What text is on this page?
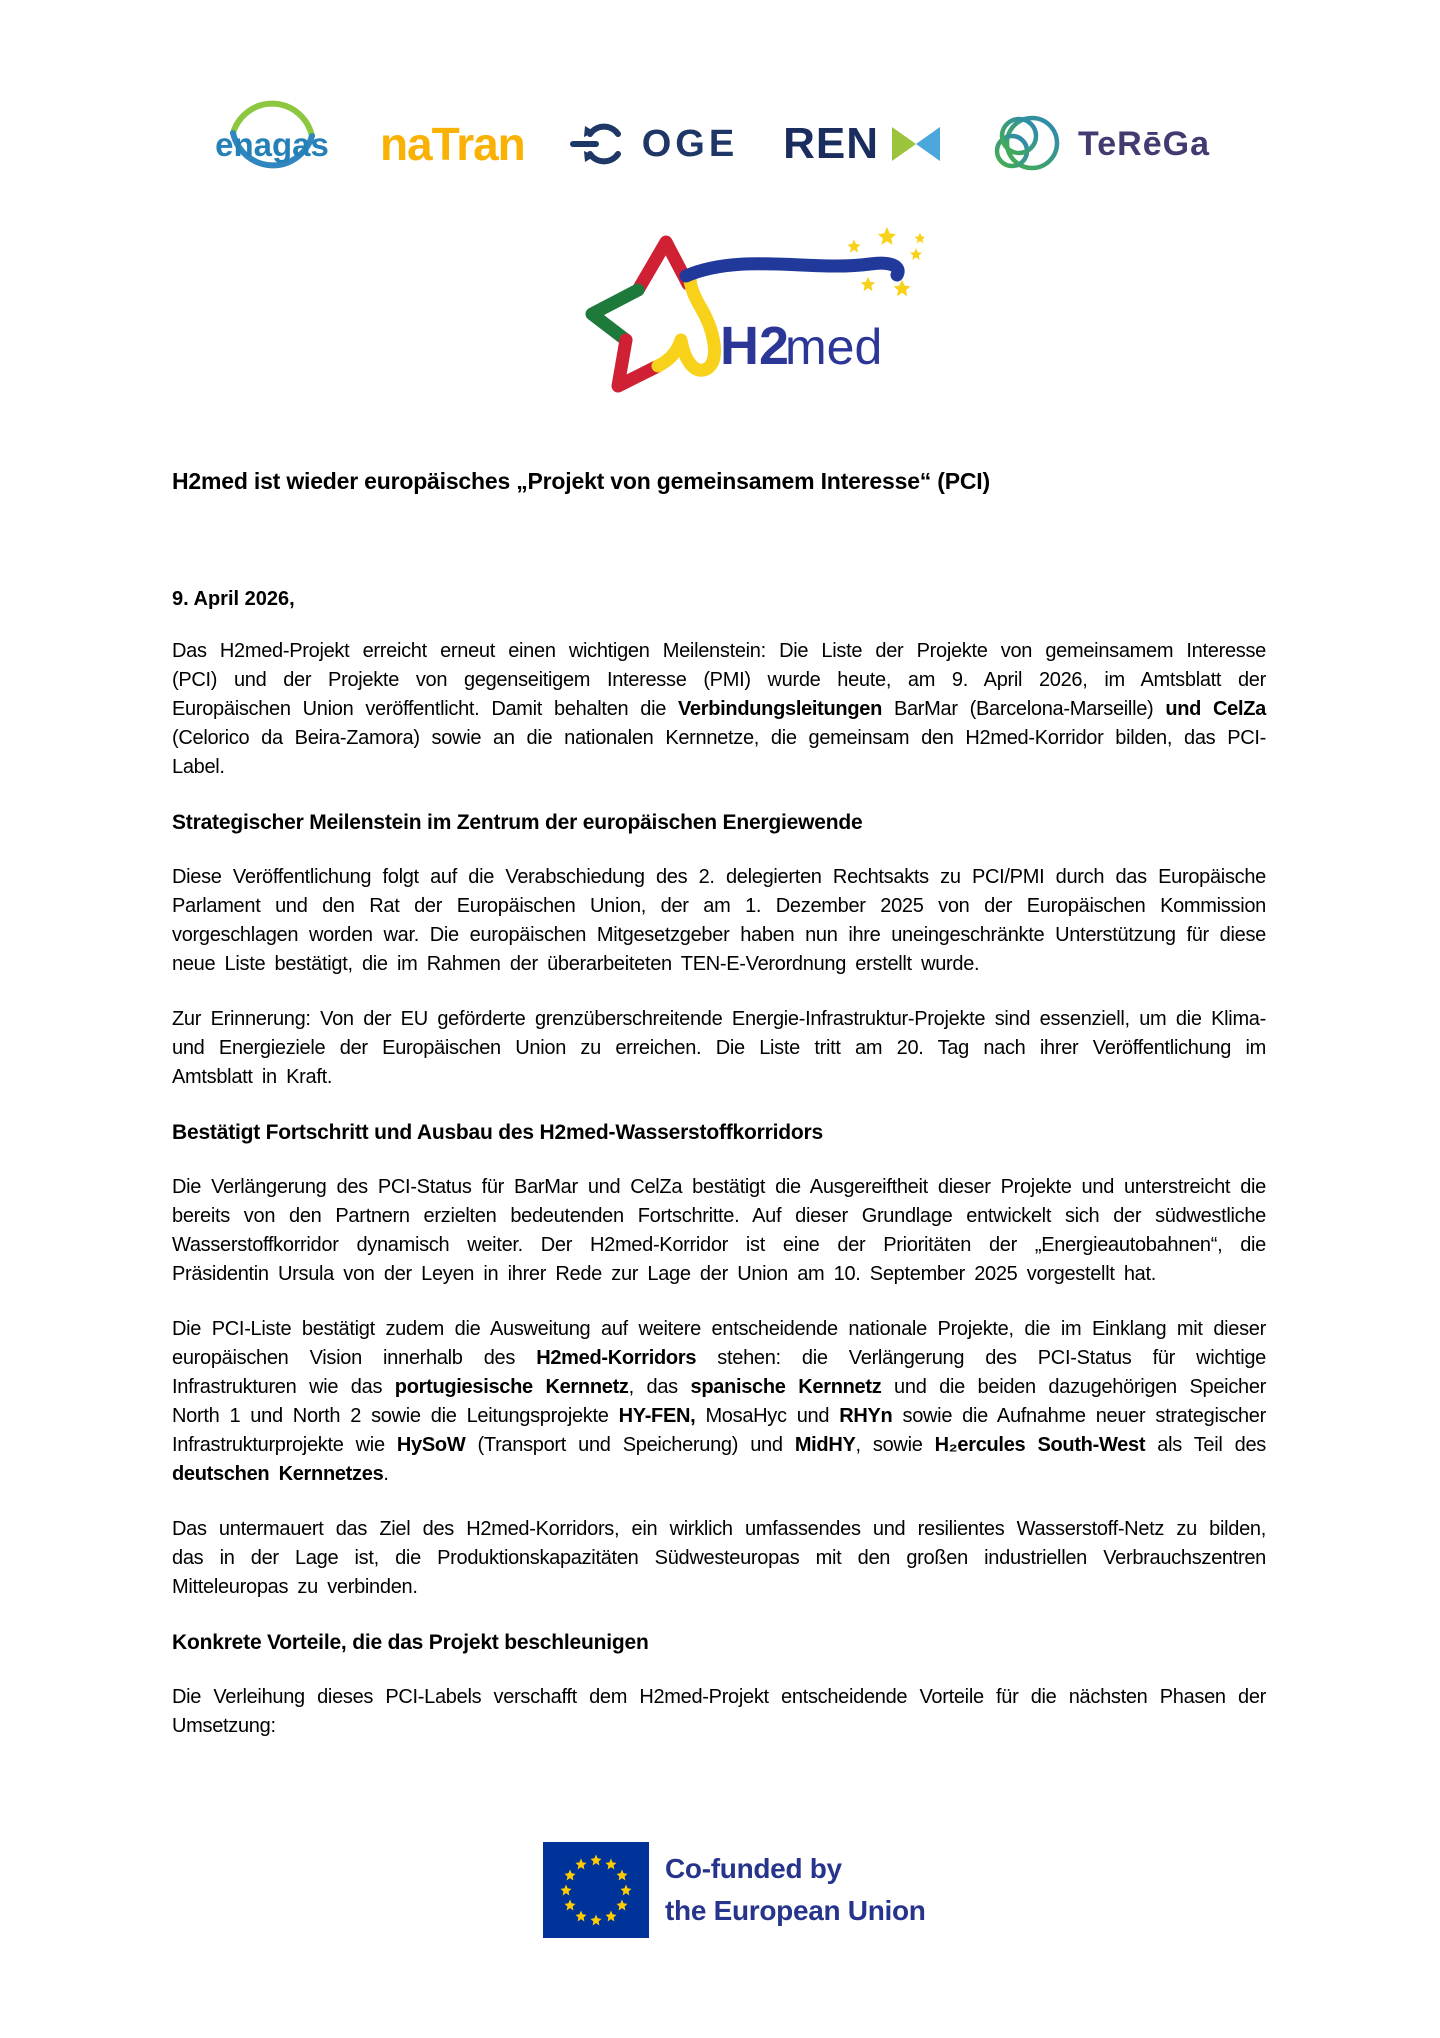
enagas naTran	OGE REN	TeRēGa
H2
med
H2med ist wieder europäisches „Projekt von gemeinsamem Interesse“ (PCI)

9. April 2026,

Das H2med-Projekt erreicht erneut einen wichtigen Meilenstein: Die Liste der Projekte von gemeinsamem Interesse (PCI) und der Projekte von gegenseitigem Interesse (PMI) wurde heute, am 9. April 2026, im Amtsblatt der Europäischen Union veröffentlicht. Damit behalten die Verbindungsleitungen BarMar (Barcelona-Marseille) und CelZa (Celorico da Beira-Zamora) sowie an die nationalen Kernnetze, die gemeinsam den H2med-Korridor bilden, das PCI-Label.

Strategischer Meilenstein im Zentrum der europäischen Energiewende

Diese Veröffentlichung folgt auf die Verabschiedung des 2. delegierten Rechtsakts zu PCI/PMI durch das Europäische Parlament und den Rat der Europäischen Union, der am 1. Dezember 2025 von der Europäischen Kommission vorgeschlagen worden war. Die europäischen Mitgesetzgeber haben nun ihre uneingeschränkte Unterstützung für diese neue Liste bestätigt, die im Rahmen der überarbeiteten TEN-E-Verordnung erstellt wurde.

Zur Erinnerung: Von der EU geförderte grenzüberschreitende Energie-Infrastruktur-Projekte sind essenziell, um die Klima- und Energieziele der Europäischen Union zu erreichen. Die Liste tritt am 20. Tag nach ihrer Veröffentlichung im Amtsblatt in Kraft.

Bestätigt Fortschritt und Ausbau des H2med-Wasserstoffkorridors

Die Verlängerung des PCI-Status für BarMar und CelZa bestätigt die Ausgereiftheit dieser Projekte und unterstreicht die bereits von den Partnern erzielten bedeutenden Fortschritte. Auf dieser Grundlage entwickelt sich der südwestliche Wasserstoffkorridor dynamisch weiter. Der H2med-Korridor ist eine der Prioritäten der „Energieautobahnen“, die Präsidentin Ursula von der Leyen in ihrer Rede zur Lage der Union am 10. September 2025 vorgestellt hat.

Die PCI-Liste bestätigt zudem die Ausweitung auf weitere entscheidende nationale Projekte, die im Einklang mit dieser europäischen Vision innerhalb des H2med-Korridors stehen: die Verlängerung des PCI-Status für wichtige Infrastrukturen wie das portugiesische Kernnetz, das spanische Kernnetz und die beiden dazugehörigen Speicher North 1 und North 2 sowie die Leitungsprojekte HY-FEN, MosaHyc und RHYn sowie die Aufnahme neuer strategischer Infrastrukturprojekte wie HySoW (Transport und Speicherung) und MidHY, sowie H₂ercules South-West als Teil des deutschen Kernnetzes.

Das untermauert das Ziel des H2med-Korridors, ein wirklich umfassendes und resilientes Wasserstoff-Netz zu bilden, das in der Lage ist, die Produktionskapazitäten Südwesteuropas mit den großen industriellen Verbrauchszentren Mitteleuropas zu verbinden.

Konkrete Vorteile, die das Projekt beschleunigen

Die Verleihung dieses PCI-Labels verschafft dem H2med-Projekt entscheidende Vorteile für die nächsten Phasen der Umsetzung:

Co-funded by
the European Union
